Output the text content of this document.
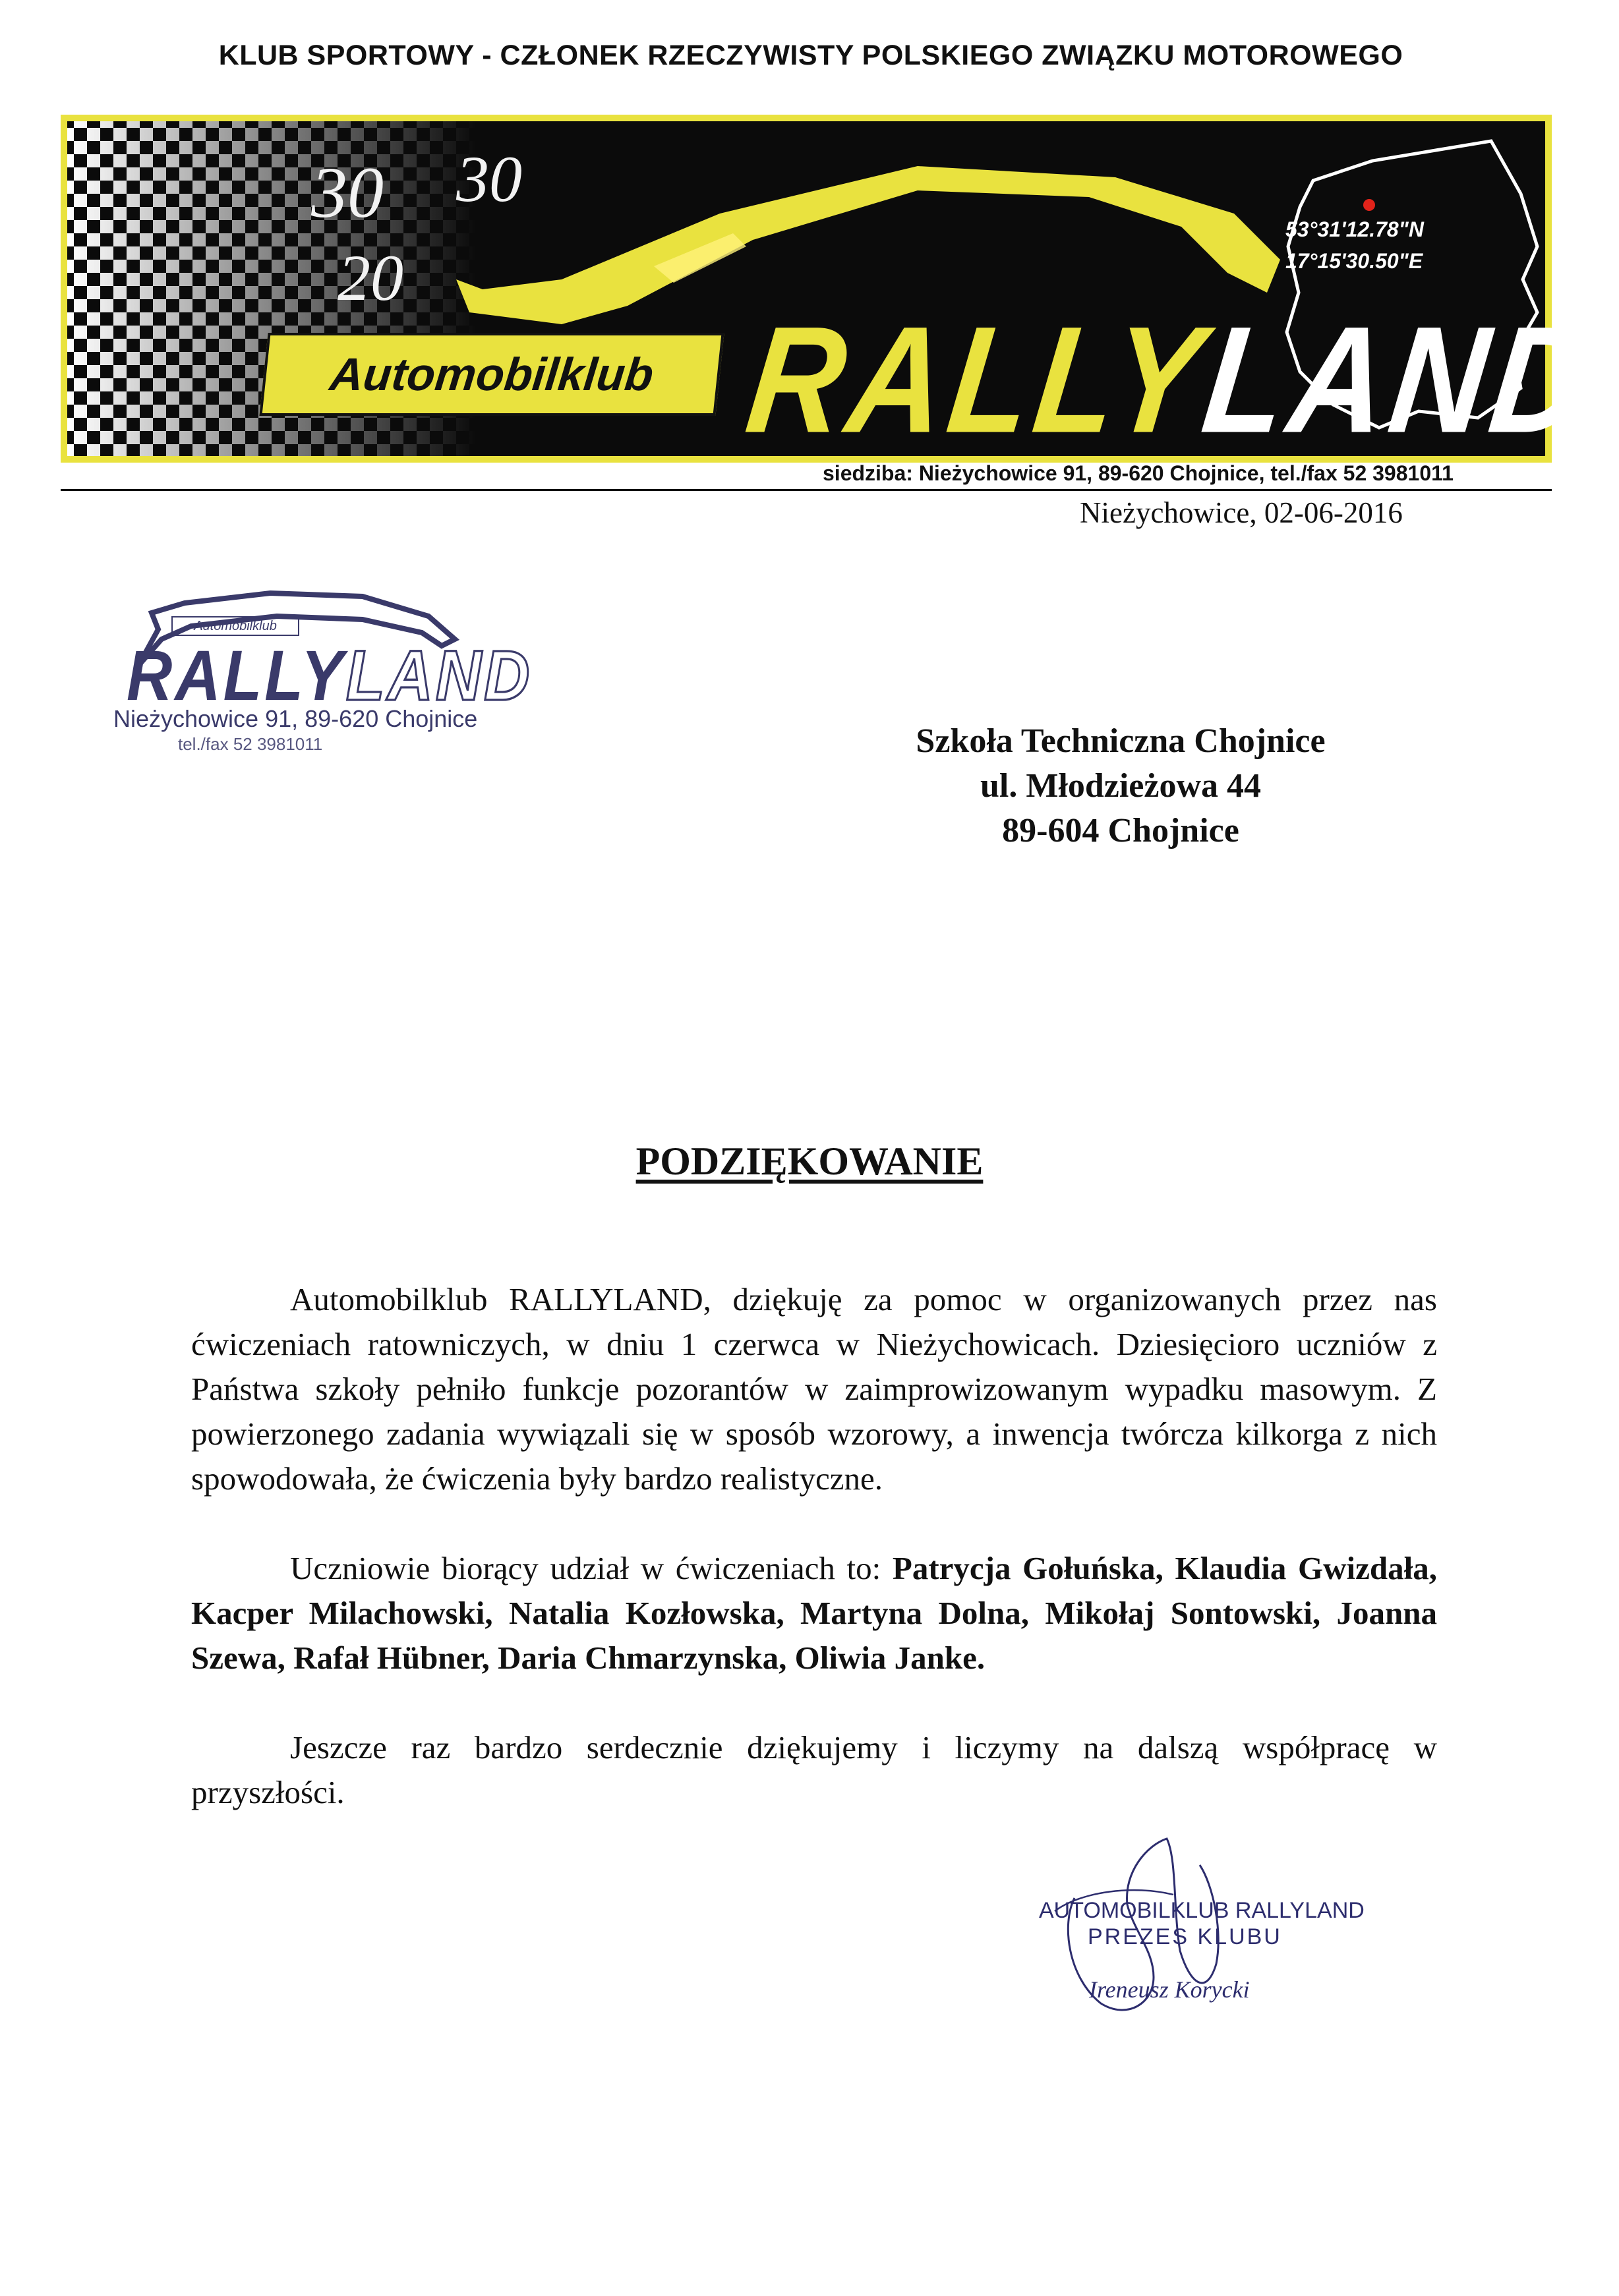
KLUB SPORTOWY - CZŁONEK RZECZYWISTY POLSKIEGO ZWIĄZKU MOTOROWEGO
30 30
20
Automobilklub RALLYLAND
53°31'12.78"N
17°15'30.50"E
siedziba: Nieżychowice 91, 89-620 Chojnice, tel./fax 52 3981011
Nieżychowice, 02-06-2016
Automobilklub
RALLYLAND
Nieżychowice 91, 89-620 Chojnice
tel./fax 52 3981011	Szkoła Techniczna Chojnice
ul. Młodzieżowa 44
89-604 Chojnice
PODZIĘKOWANIE
Automobilklub RALLYLAND, dziękuję za pomoc w organizowanych przez nas ćwiczeniach ratowniczych, w dniu 1 czerwca w Nieżychowicach. Dziesięcioro uczniów z Państwa szkoły pełniło funkcje pozorantów w zaimprowizowanym wypadku masowym. Z powierzonego zadania wywiązali się w sposób wzorowy, a inwencja twórcza kilkorga z nich spowodowała, że ćwiczenia były bardzo realistyczne.
Uczniowie biorący udział w ćwiczeniach to: Patrycja Gołuńska, Klaudia Gwizdała, Kacper Milachowski, Natalia Kozłowska, Martyna Dolna, Mikołaj Sontowski, Joanna Szewa, Rafał Hübner, Daria Chmarzynska, Oliwia Janke.
Jeszcze raz bardzo serdecznie dziękujemy i liczymy na dalszą współpracę w przyszłości.
AUTOMOBILKLUB RALLYLAND
PREZES KLUBU
Ireneusz Korycki
